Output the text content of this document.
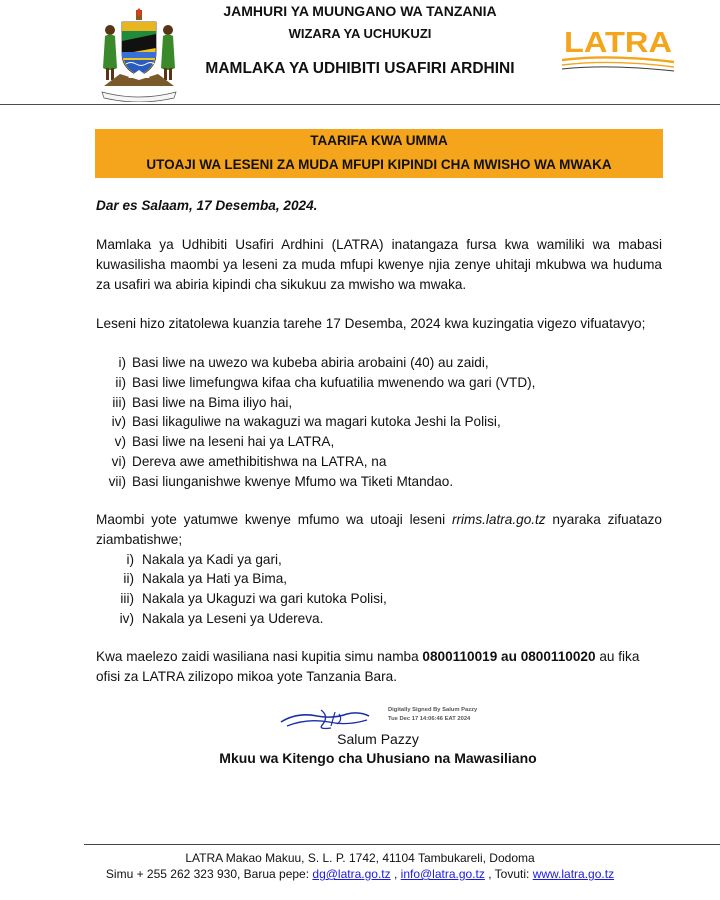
JAMHURI YA MUUNGANO WA TANZANIA
WIZARA YA UCHUKUZI
MAMLAKA YA UDHIBITI USAFIRI ARDHINI
LATRA
TAARIFA KWA UMMA
UTOAJI WA LESENI ZA MUDA MFUPI KIPINDI CHA MWISHO WA MWAKA

Dar es Salaam, 17 Desemba, 2024.

Mamlaka ya Udhibiti Usafiri Ardhini (LATRA) inatangaza fursa kwa wamiliki wa mabasi kuwasilisha maombi ya leseni za muda mfupi kwenye njia zenye uhitaji mkubwa wa huduma za usafiri wa abiria kipindi cha sikukuu za mwisho wa mwaka.

Leseni hizo zitatolewa kuanzia tarehe 17 Desemba, 2024 kwa kuzingatia vigezo vifuatavyo;

i) Basi liwe na uwezo wa kubeba abiria arobaini (40) au zaidi,
ii) Basi liwe limefungwa kifaa cha kufuatilia mwenendo wa gari (VTD),
iii) Basi liwe na Bima iliyo hai,
iv) Basi likaguliwe na wakaguzi wa magari kutoka Jeshi la Polisi,
v) Basi liwe na leseni hai ya LATRA,
vi) Dereva awe amethibitishwa na LATRA, na
vii) Basi liunganishwe kwenye Mfumo wa Tiketi Mtandao.

Maombi yote yatumwe kwenye mfumo wa utoaji leseni rrims.latra.go.tz nyaraka zifuatazo ziambatishwe;

i) Nakala ya Kadi ya gari,
ii) Nakala ya Hati ya Bima,
iii) Nakala ya Ukaguzi wa gari kutoka Polisi,
iv) Nakala ya Leseni ya Udereva.

Kwa maelezo zaidi wasiliana nasi kupitia simu namba 0800110019 au 0800110020 au fika ofisi za LATRA zilizopo mikoa yote Tanzania Bara.

Digitally Signed By Salum Pazzy
Tue Dec 17 14:06:46 EAT 2024
Salum Pazzy
Mkuu wa Kitengo cha Uhusiano na Mawasiliano
LATRA Makao Makuu, S. L. P. 1742, 41104 Tambukareli, Dodoma
Simu + 255 262 323 930, Barua pepe: dg@latra.go.tz , info@latra.go.tz , Tovuti: www.latra.go.tz
